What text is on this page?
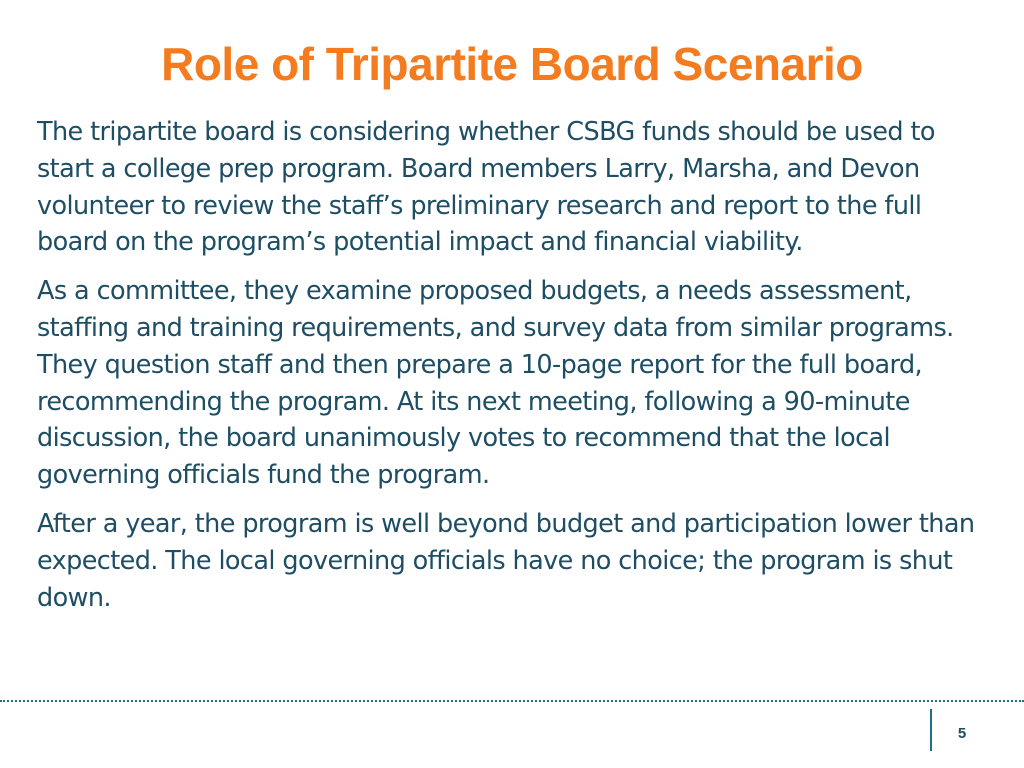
Role of Tripartite Board Scenario

The tripartite board is considering whether CSBG funds should be used to start a college prep program. Board members Larry, Marsha, and Devon volunteer to review the staff’s preliminary research and report to the full board on the program’s potential impact and financial viability.

As a committee, they examine proposed budgets, a needs assessment, staffing and training requirements, and survey data from similar programs. They question staff and then prepare a 10-page report for the full board, recommending the program. At its next meeting, following a 90-minute discussion, the board unanimously votes to recommend that the local governing officials fund the program.

After a year, the program is well beyond budget and participation lower than expected. The local governing officials have no choice; the program is shut down.

5
